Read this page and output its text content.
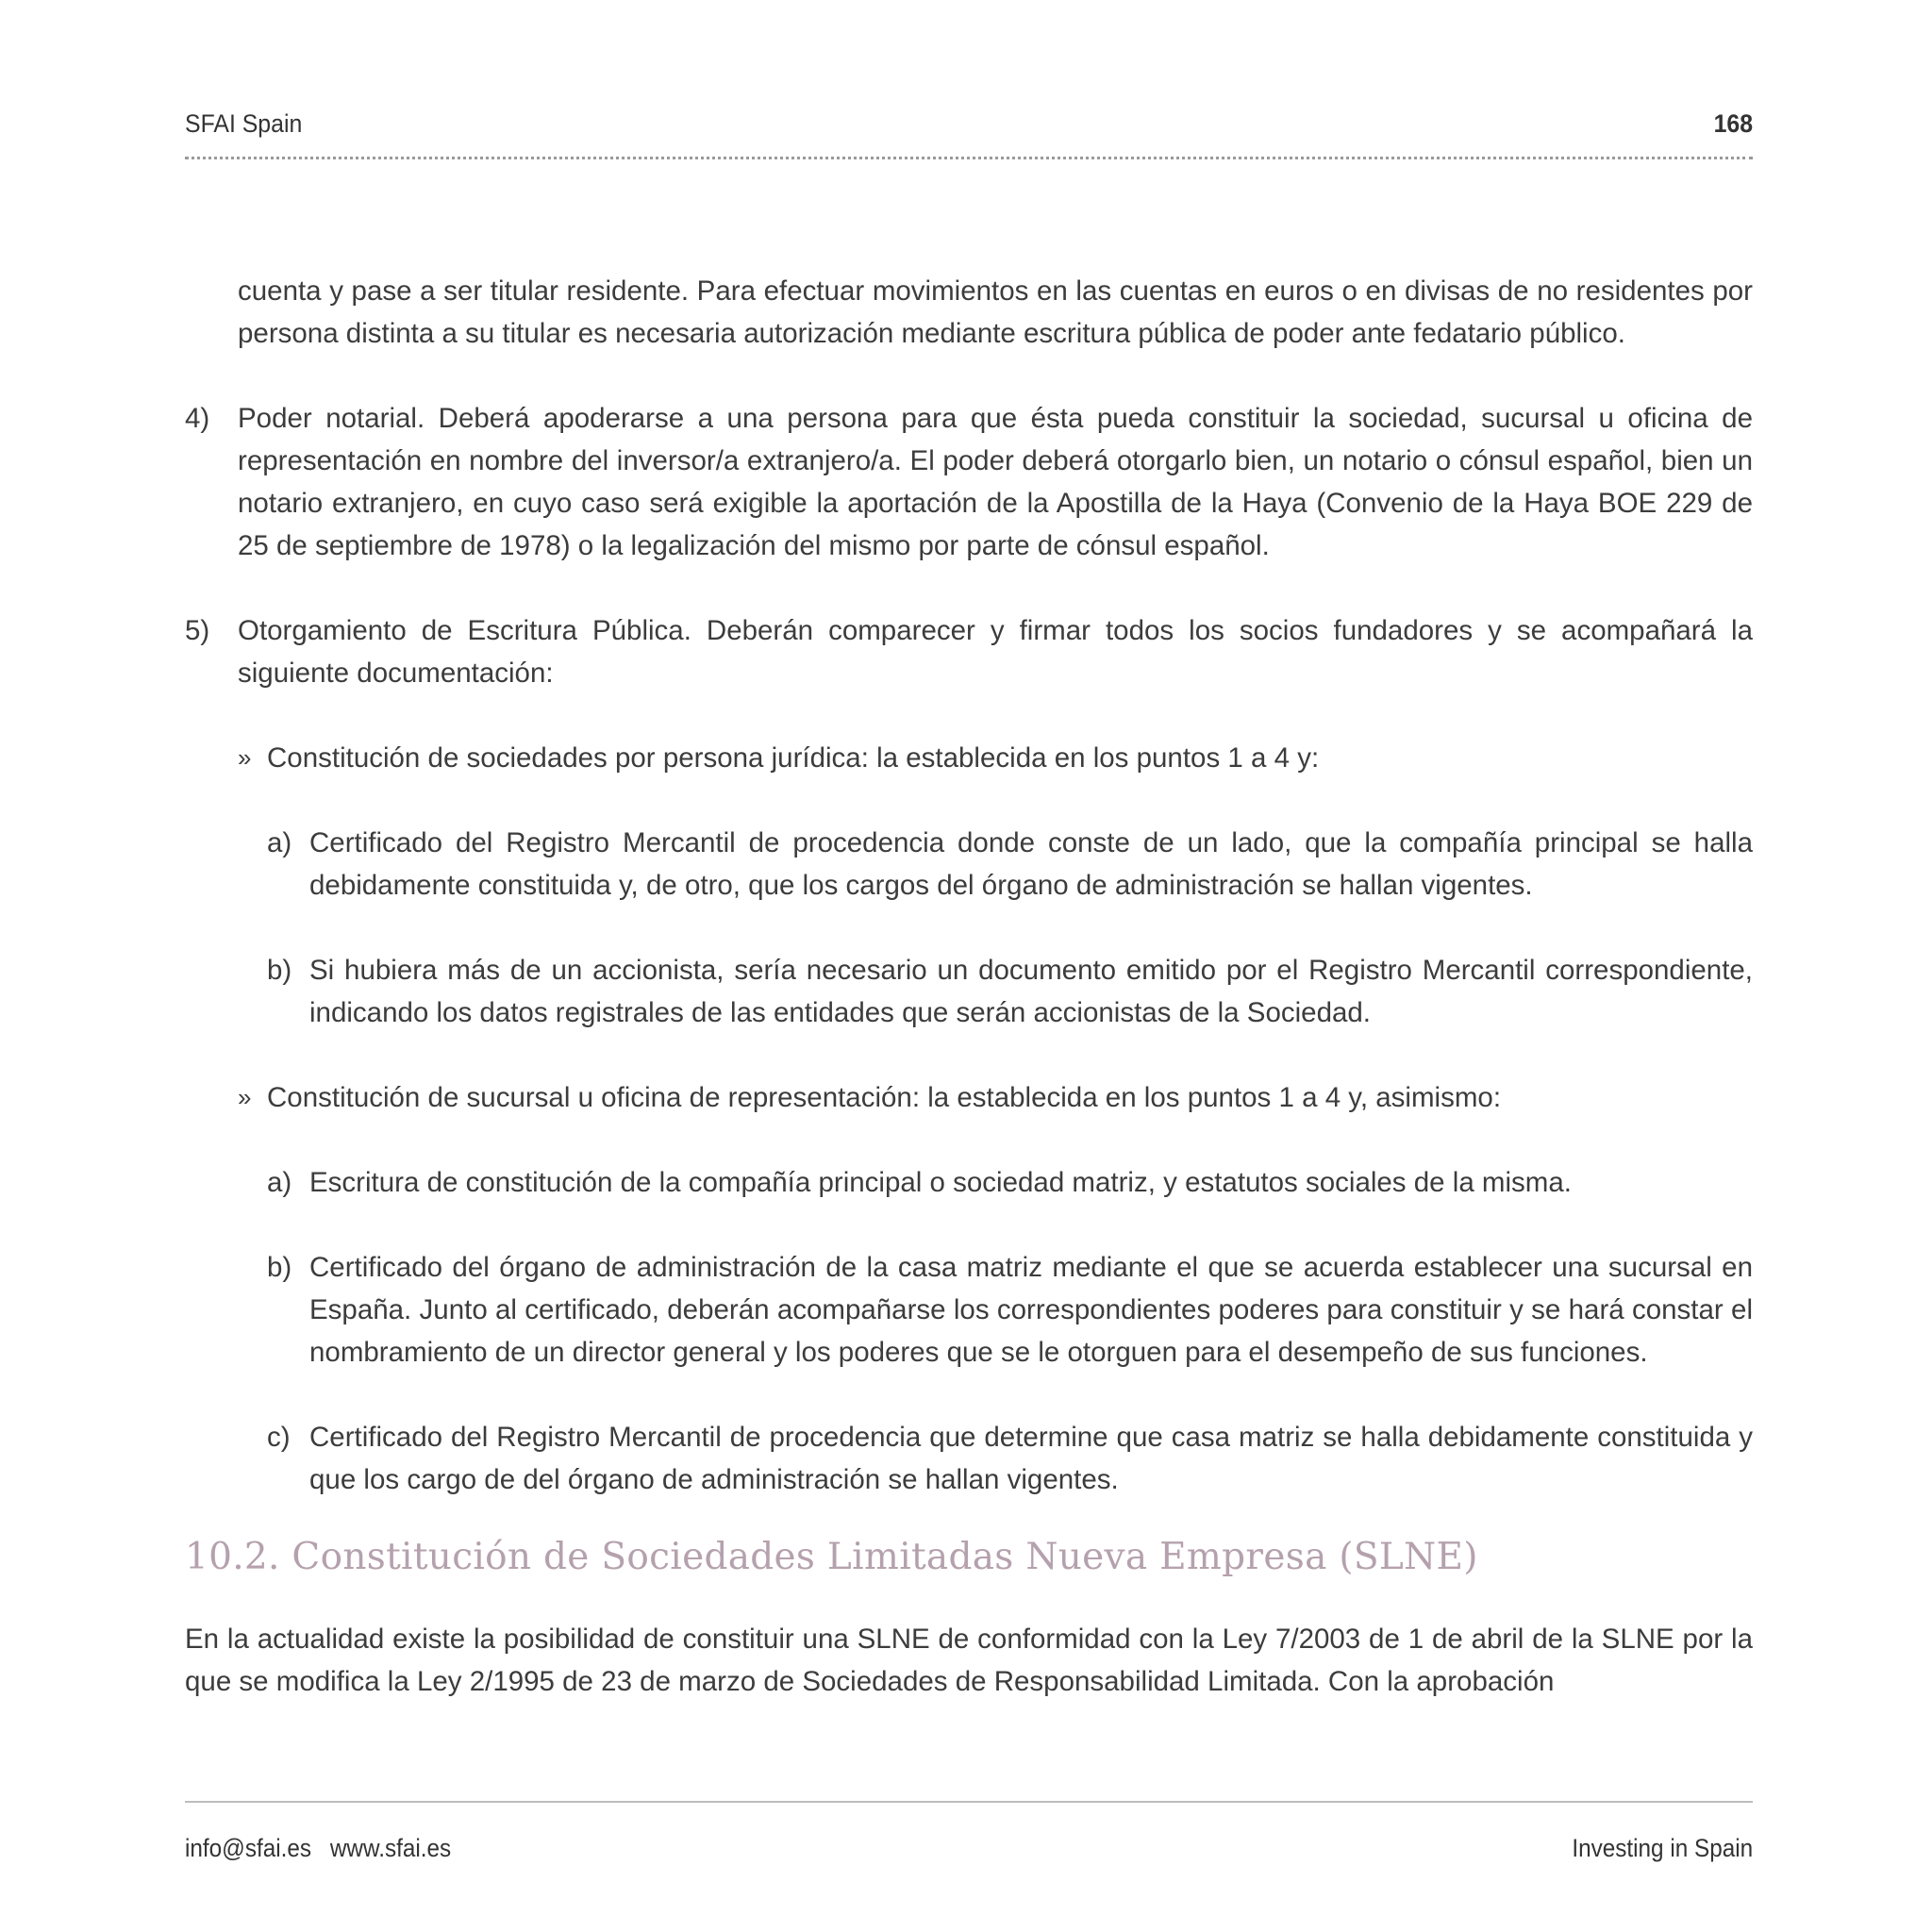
SFAI Spain	168

cuenta y pase a ser titular residente. Para efectuar movimientos en las cuentas en euros o en divisas de no residentes por persona distinta a su titular es necesaria autorización mediante escritura pública de poder ante fedatario público.

4) Poder notarial. Deberá apoderarse a una persona para que ésta pueda constituir la sociedad, sucursal u oficina de representación en nombre del inversor/a extranjero/a. El poder deberá otorgarlo bien, un notario o cónsul español, bien un notario extranjero, en cuyo caso será exigible la aportación de la Apostilla de la Haya (Convenio de la Haya BOE 229 de 25 de septiembre de 1978) o la legalización del mismo por parte de cónsul español.
5) Otorgamiento de Escritura Pública. Deberán comparecer y firmar todos los socios fundadores y se acompañará la siguiente documentación:
» Constitución de sociedades por persona jurídica: la establecida en los puntos 1 a 4 y:
a) Certificado del Registro Mercantil de procedencia donde conste de un lado, que la compañía principal se halla debidamente constituida y, de otro, que los cargos del órgano de administración se hallan vigentes.
b) Si hubiera más de un accionista, sería necesario un documento emitido por el Registro Mercantil correspondiente, indicando los datos registrales de las entidades que serán accionistas de la Sociedad.
» Constitución de sucursal u oficina de representación: la establecida en los puntos 1 a 4 y, asimismo:
a) Escritura de constitución de la compañía principal o sociedad matriz, y estatutos sociales de la misma.
b) Certificado del órgano de administración de la casa matriz mediante el que se acuerda establecer una sucursal en España. Junto al certificado, deberán acompañarse los correspondientes poderes para constituir y se hará constar el nombramiento de un director general y los poderes que se le otorguen para el desempeño de sus funciones.
c) Certificado del Registro Mercantil de procedencia que determine que casa matriz se halla debidamente constituida y que los cargo de del órgano de administración se hallan vigentes.
10.2. Constitución de Sociedades Limitadas Nueva Empresa (SLNE)

En la actualidad existe la posibilidad de constituir una SLNE de conformidad con la Ley 7/2003 de 1 de abril de la SLNE por la que se modifica la Ley 2/1995 de 23 de marzo de Sociedades de Responsabilidad Limitada. Con la aprobación

info@sfai.es www.sfai.es	Investing in Spain
